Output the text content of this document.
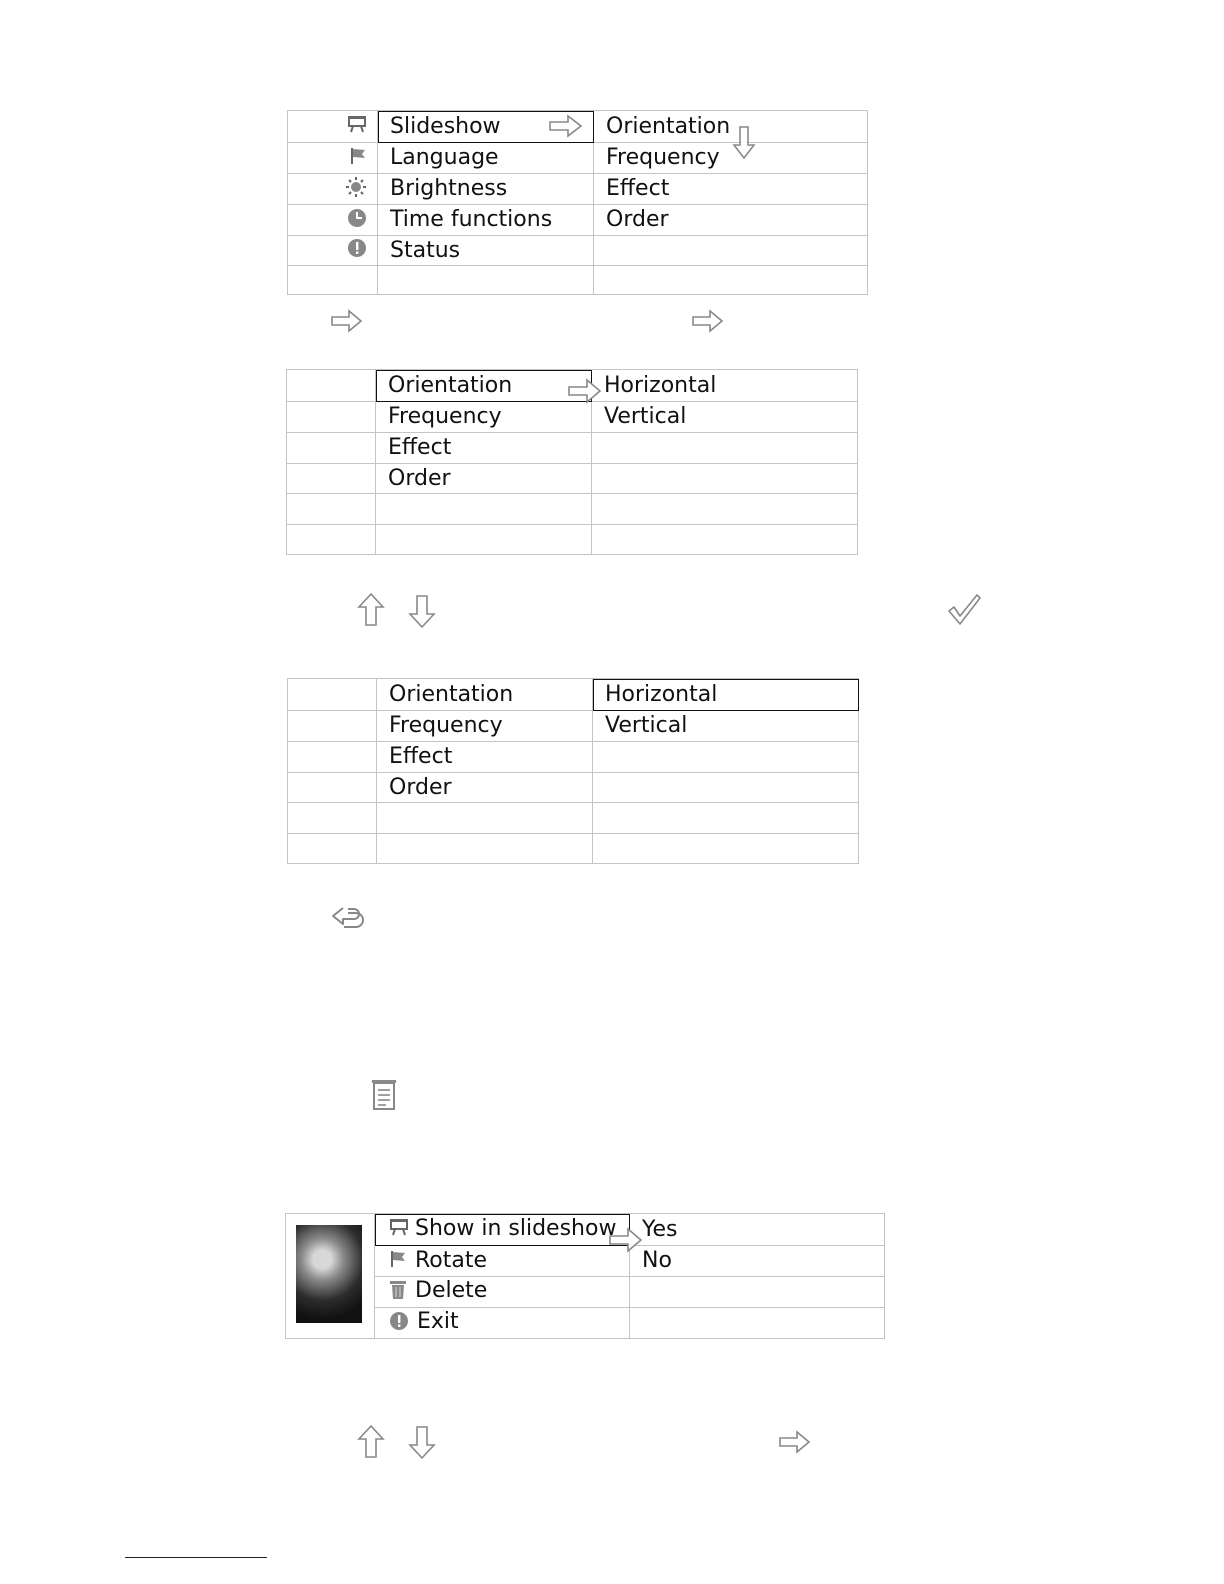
	Slideshow	Orientation
	Language	Frequency
	Brightness	Effect
	Time functions	Order
	Status	

	Orientation	Horizontal
	Frequency	Vertical
	Effect	
	Order	

	Orientation	Horizontal
	Frequency	Vertical
	Effect	
	Order	

	Show in slideshow	Yes
	Rotate	No
	Delete	
	Exit	
